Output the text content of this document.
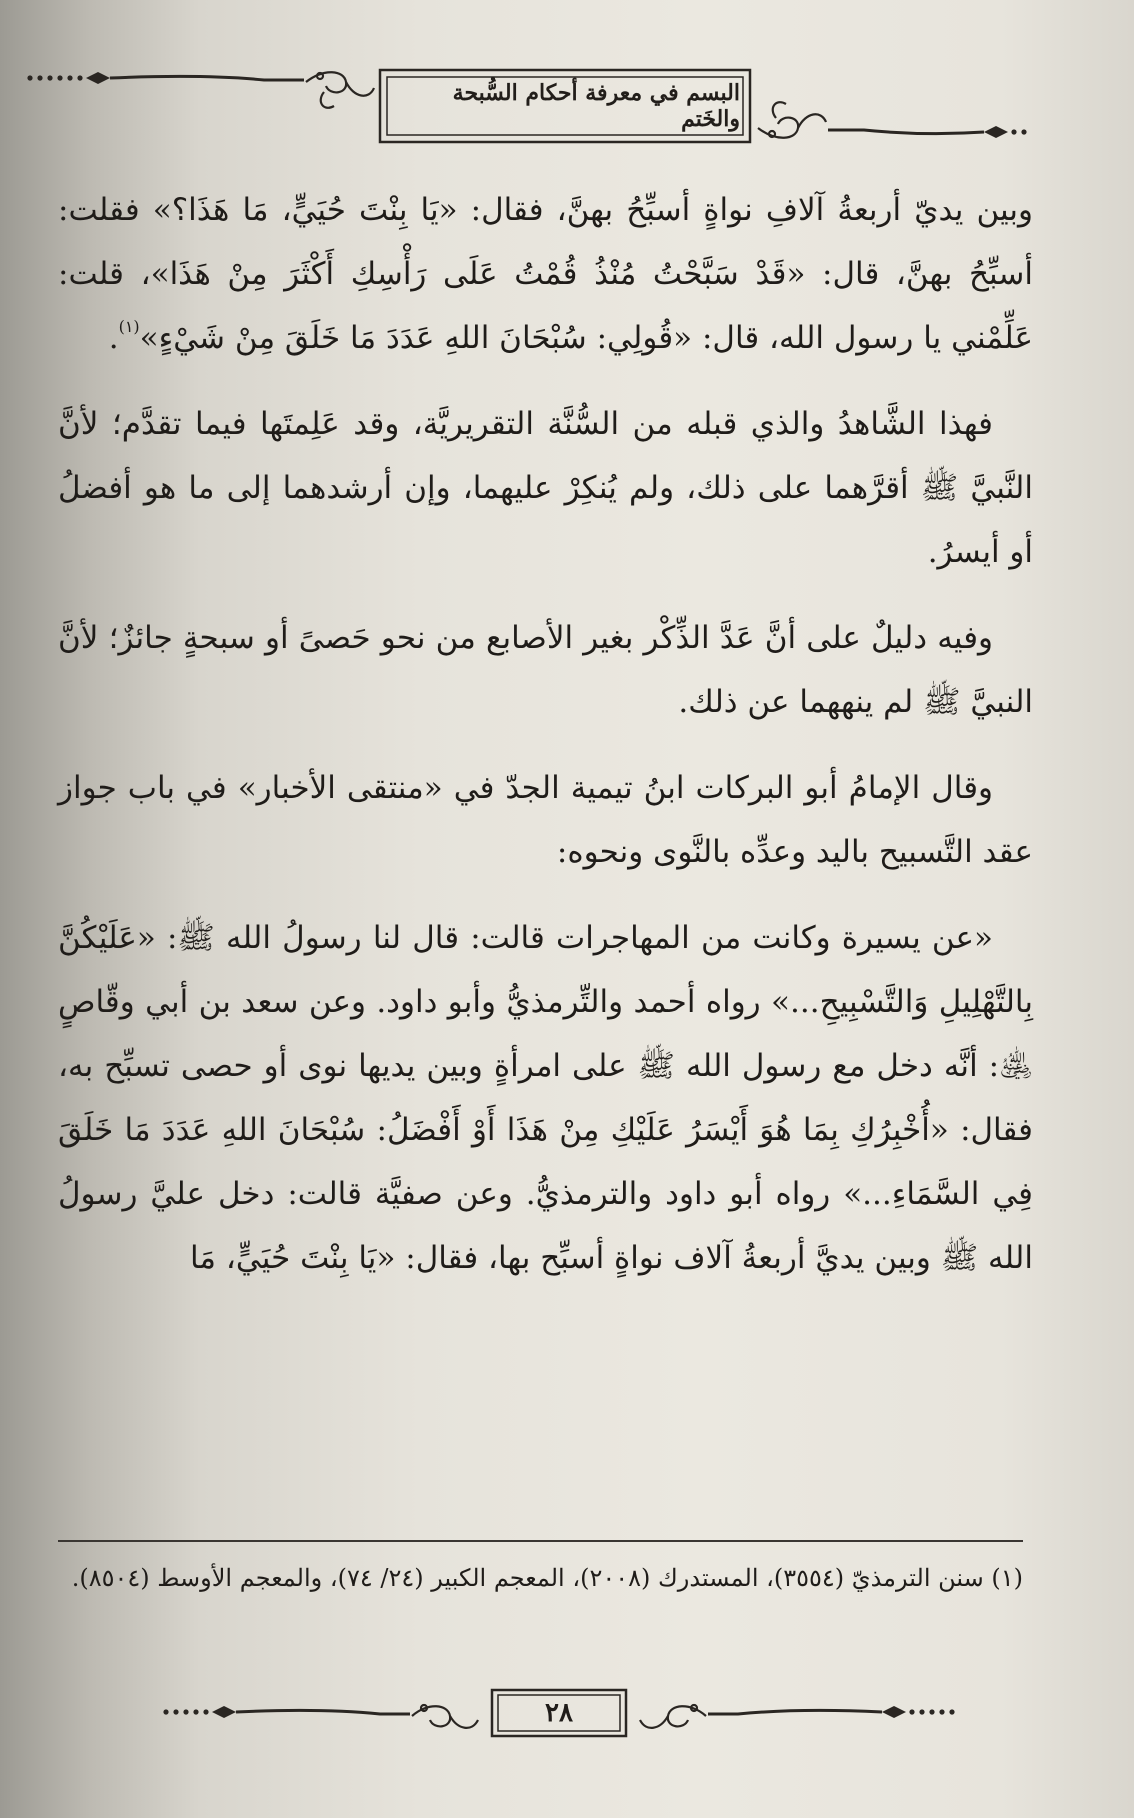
البسم في معرفة أحكام السُّبحة والخَتم

وبين يديّ أربعةُ آلافِ نواةٍ أسبِّحُ بهنَّ، فقال: «يَا بِنْتَ حُيَيٍّ، مَا هَذَا؟» فقلت: أسبِّحُ بهنَّ، قال: «قَدْ سَبَّحْتُ مُنْذُ قُمْتُ عَلَى رَأْسِكِ أَكْثَرَ مِنْ هَذَا»، قلت: عَلِّمْني يا رسول الله، قال: «قُولِي: سُبْحَانَ اللهِ عَدَدَ مَا خَلَقَ مِنْ شَيْءٍ»$^{(١)}$.

فهذا الشَّاهدُ والذي قبله من السُّنَّة التقريريَّة، وقد عَلِمتَها فيما تقدَّم؛ لأنَّ النَّبيَّ ﷺ أقرَّهما على ذلك، ولم يُنكِرْ عليهما، وإن أرشدهما إلى ما هو أفضلُ أو أيسرُ.

وفيه دليلٌ على أنَّ عَدَّ الذِّكْر بغير الأصابع من نحو حَصىً أو سبحةٍ جائزٌ؛ لأنَّ النبيَّ ﷺ لم ينههما عن ذلك.

وقال الإمامُ أبو البركات ابنُ تيمية الجدّ في «منتقى الأخبار» في باب جواز عقد التَّسبيح باليد وعدِّه بالنَّوى ونحوه:

«عن يسيرة وكانت من المهاجرات قالت: قال لنا رسولُ الله ﷺ: «عَلَيْكُنَّ بِالتَّهْلِيلِ وَالتَّسْبِيحِ...» رواه أحمد والتِّرمذيُّ وأبو داود. وعن سعد بن أبي وقّاصٍ ﵁: أنَّه دخل مع رسول الله ﷺ على امرأةٍ وبين يديها نوى أو حصى تسبِّح به، فقال: «أُخْبِرُكِ بِمَا هُوَ أَيْسَرُ عَلَيْكِ مِنْ هَذَا أَوْ أَفْضَلُ: سُبْحَانَ اللهِ عَدَدَ مَا خَلَقَ فِي السَّمَاءِ...» رواه أبو داود والترمذيُّ. وعن صفيَّة قالت: دخل عليَّ رسولُ الله ﷺ وبين يديَّ أربعةُ آلاف نواةٍ أسبِّح بها، فقال: «يَا بِنْتَ حُيَيٍّ، مَا

(١) سنن الترمذيّ (٣٥٥٤)، المستدرك (٢٠٠٨)، المعجم الكبير (٢٤/ ٧٤)، والمعجم الأوسط (٨٥٠٤).
٢٨
